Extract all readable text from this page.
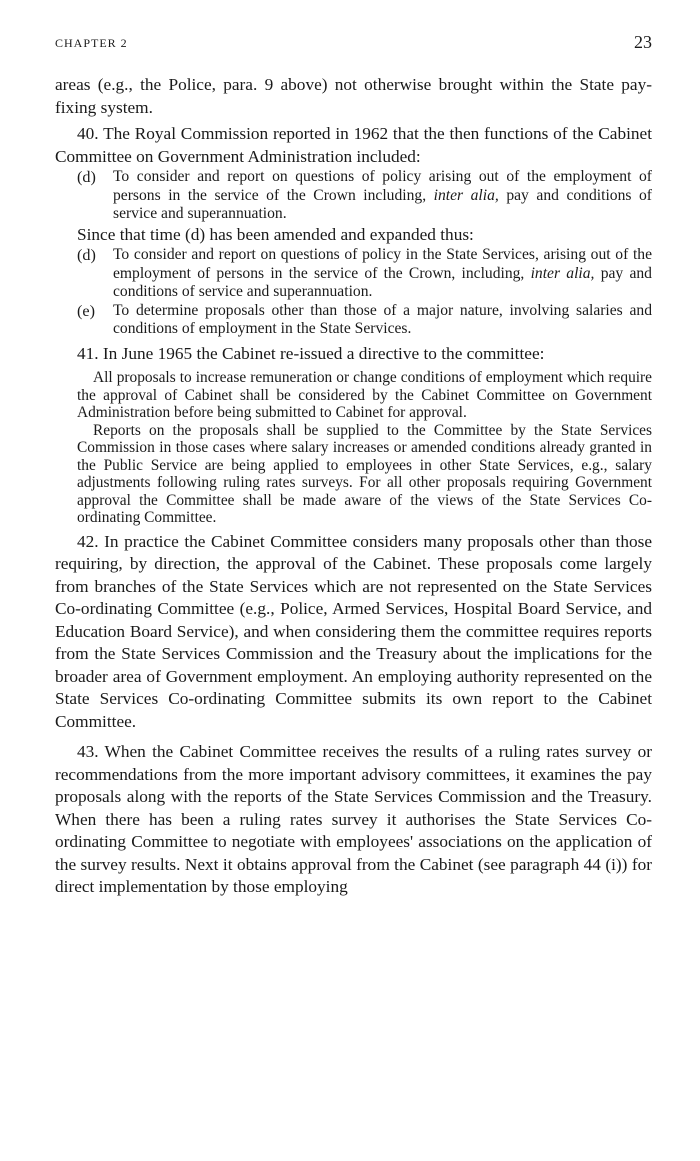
CHAPTER 2	23

areas (e.g., the Police, para. 9 above) not otherwise brought within the State pay-fixing system.

40. The Royal Commission reported in 1962 that the then functions of the Cabinet Committee on Government Administration included:

(d)	To consider and report on questions of policy arising out of the employment of persons in the service of the Crown including, inter alia, pay and conditions of service and superannuation.

Since that time (d) has been amended and expanded thus:

(d)	To consider and report on questions of policy in the State Services, arising out of the employment of persons in the service of the Crown, including, inter alia, pay and conditions of service and superannuation.
(e)	To determine proposals other than those of a major nature, involving salaries and conditions of employment in the State Services.

41. In June 1965 the Cabinet re-issued a directive to the committee:

All proposals to increase remuneration or change conditions of employment which require the approval of Cabinet shall be considered by the Cabinet Committee on Government Administration before being submitted to Cabinet for approval.

Reports on the proposals shall be supplied to the Committee by the State Services Commission in those cases where salary increases or amended conditions already granted in the Public Service are being applied to employees in other State Services, e.g., salary adjustments following ruling rates surveys. For all other proposals requiring Government approval the Committee shall be made aware of the views of the State Services Co-ordinating Committee.

42. In practice the Cabinet Committee considers many proposals other than those requiring, by direction, the approval of the Cabinet. These proposals come largely from branches of the State Services which are not represented on the State Services Co-ordinating Committee (e.g., Police, Armed Services, Hospital Board Service, and Education Board Service), and when considering them the committee requires reports from the State Services Commission and the Treasury about the implications for the broader area of Government employment. An employing authority represented on the State Services Co-ordinating Committee submits its own report to the Cabinet Committee.

43. When the Cabinet Committee receives the results of a ruling rates survey or recommendations from the more important advisory committees, it examines the pay proposals along with the reports of the State Services Commission and the Treasury. When there has been a ruling rates survey it authorises the State Services Co-ordinating Committee to negotiate with employees' associations on the application of the survey results. Next it obtains approval from the Cabinet (see paragraph 44 (i)) for direct implementation by those employing
